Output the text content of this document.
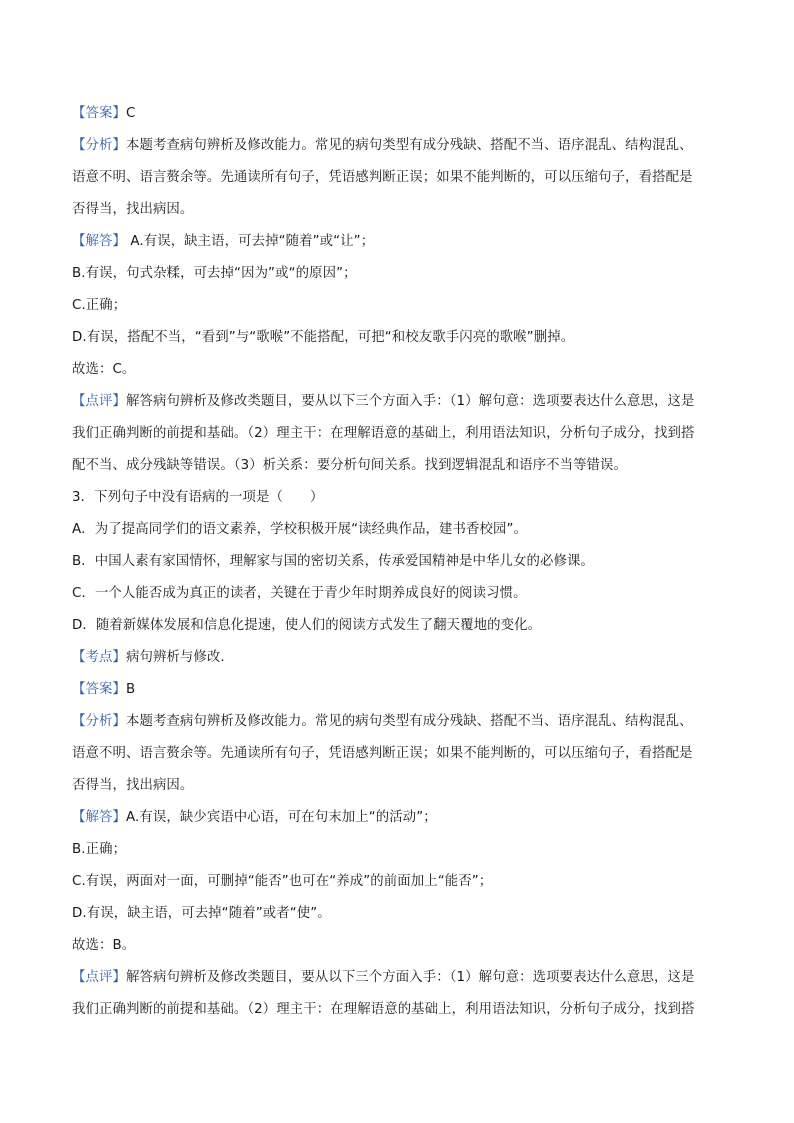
【答案】C
【分析】本题考查病句辨析及修改能力。常见的病句类型有成分残缺、搭配不当、语序混乱、结构混乱、
语意不明、语言赘余等。先通读所有句子，凭语感判断正误；如果不能判断的，可以压缩句子，看搭配是
否得当，找出病因。
【解答】 A.有误，缺主语，可去掉“随着”或“让”；
B.有误，句式杂糅，可去掉“因为”或“的原因”；
C.正确；
D.有误，搭配不当，“看到”与“歌喉”不能搭配，可把“和校友歌手闪亮的歌喉”删掉。
故选：C。
【点评】解答病句辨析及修改类题目，要从以下三个方面入手：（1）解句意：选项要表达什么意思，这是
我们正确判断的前提和基础。（2）理主干：在理解语意的基础上，利用语法知识，分析句子成分，找到搭
配不当、成分残缺等错误。（3）析关系：要分析句间关系。找到逻辑混乱和语序不当等错误。
3．下列句子中没有语病的一项是（　　）
A．为了提高同学们的语文素养，学校积极开展“读经典作品，建书香校园”。
B．中国人素有家国情怀，理解家与国的密切关系，传承爱国精神是中华儿女的必修课。
C．一个人能否成为真正的读者，关键在于青少年时期养成良好的阅读习惯。
D．随着新媒体发展和信息化提速，使人们的阅读方式发生了翻天覆地的变化。
【考点】病句辨析与修改.
【答案】B
【分析】本题考查病句辨析及修改能力。常见的病句类型有成分残缺、搭配不当、语序混乱、结构混乱、
语意不明、语言赘余等。先通读所有句子，凭语感判断正误；如果不能判断的，可以压缩句子，看搭配是
否得当，找出病因。
【解答】A.有误，缺少宾语中心语，可在句末加上“的活动”；
B.正确；
C.有误，两面对一面，可删掉“能否”也可在“养成”的前面加上“能否”；
D.有误，缺主语，可去掉“随着”或者“使”。
故选：B。
【点评】解答病句辨析及修改类题目，要从以下三个方面入手：（1）解句意：选项要表达什么意思，这是
我们正确判断的前提和基础。（2）理主干：在理解语意的基础上，利用语法知识，分析句子成分，找到搭
